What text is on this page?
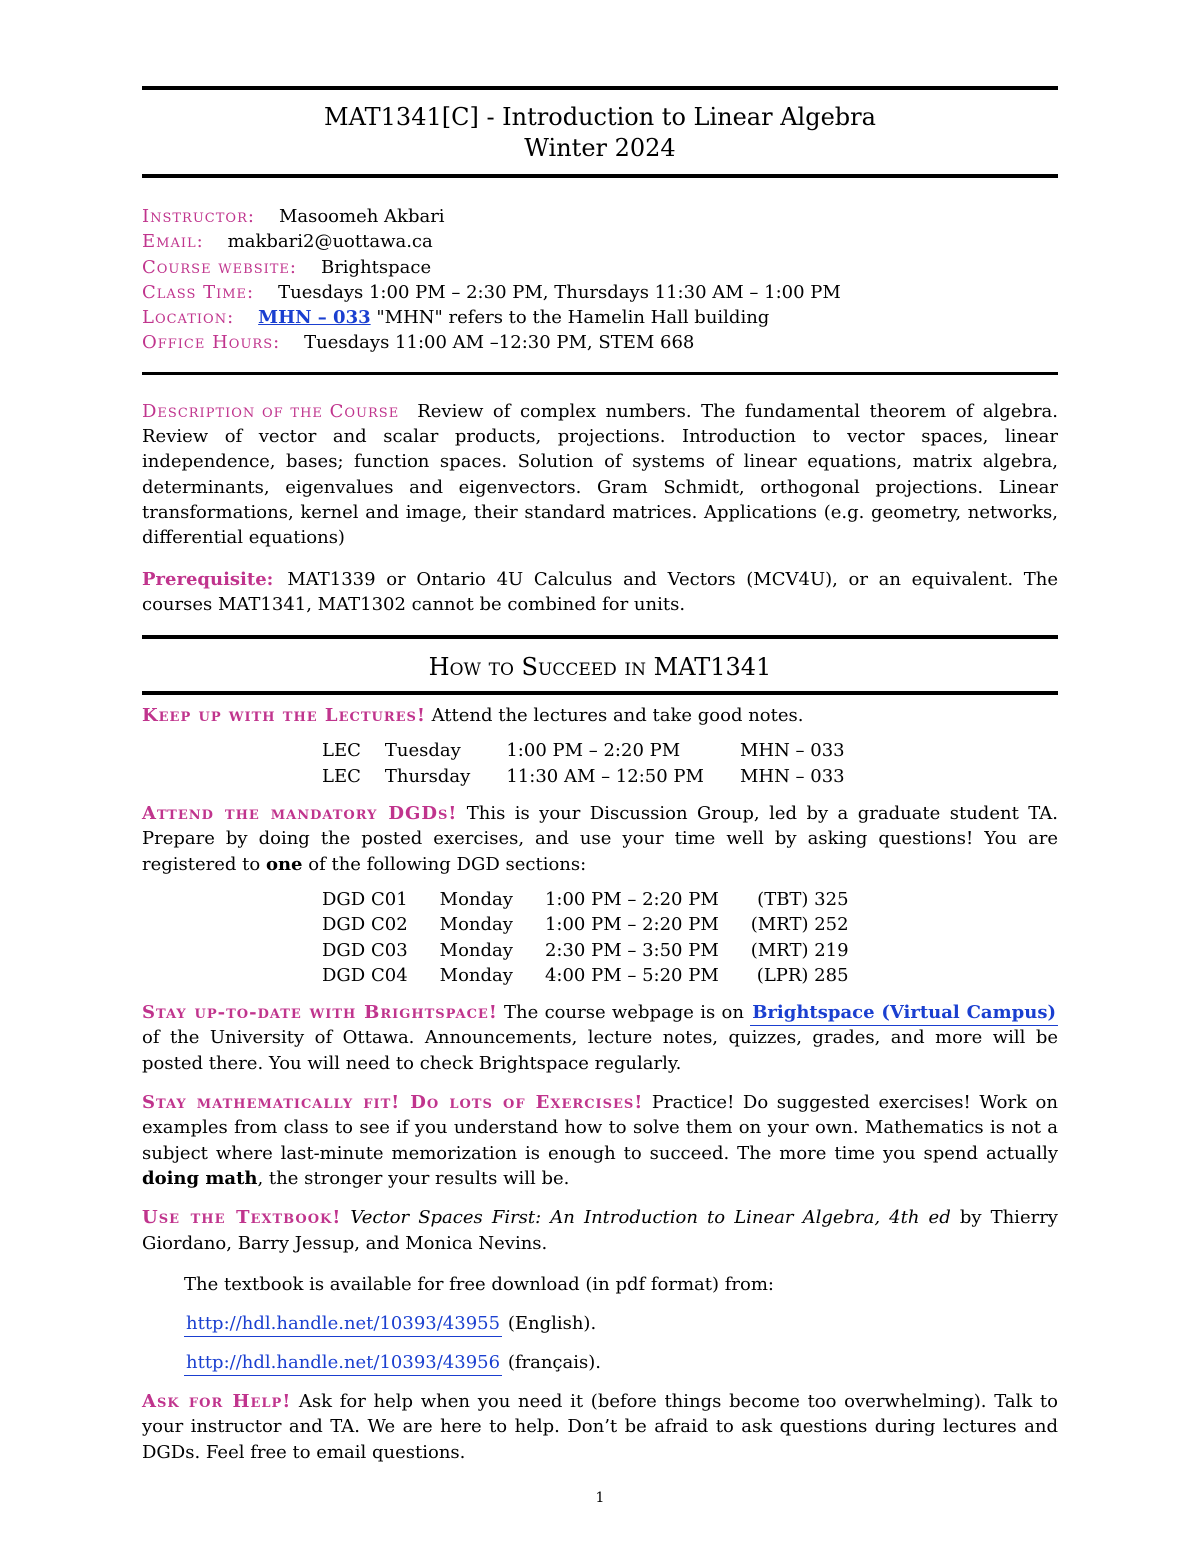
MAT1341[C] - Introduction to Linear Algebra
Winter 2024
Instructor: Masoomeh Akbari
Email: makbari2@uottawa.ca
Course website: Brightspace
Class Time: Tuesdays 1:00 PM – 2:30 PM, Thursdays 11:30 AM – 1:00 PM
Location: MHN – 033 "MHN" refers to the Hamelin Hall building
Office Hours: Tuesdays 11:00 AM –12:30 PM, STEM 668

Description of the Course Review of complex numbers. The fundamental theorem of algebra. Review of vector and scalar products, projections. Introduction to vector spaces, linear independence, bases; function spaces. Solution of systems of linear equations, matrix algebra, determinants, eigenvalues and eigenvectors. Gram Schmidt, orthogonal projections. Linear transformations, kernel and image, their standard matrices. Applications (e.g. geometry, networks, differential equations)

Prerequisite: MAT1339 or Ontario 4U Calculus and Vectors (MCV4U), or an equivalent. The courses MAT1341, MAT1302 cannot be combined for units.

How to Succeed in MAT1341

Keep up with the Lectures! Attend the lectures and take good notes.

LEC	Tuesday	1:00 PM – 2:20 PM	MHN – 033
LEC	Thursday	11:30 AM – 12:50 PM	MHN – 033

Attend the mandatory DGDs! This is your Discussion Group, led by a graduate student TA. Prepare by doing the posted exercises, and use your time well by asking questions! You are registered to one of the following DGD sections:

DGD C01	Monday	1:00 PM – 2:20 PM	(TBT) 325
DGD C02	Monday	1:00 PM – 2:20 PM	(MRT) 252
DGD C03	Monday	2:30 PM – 3:50 PM	(MRT) 219
DGD C04	Monday	4:00 PM – 5:20 PM	(LPR) 285

Stay up-to-date with Brightspace! The course webpage is on Brightspace (Virtual Campus) of the University of Ottawa. Announcements, lecture notes, quizzes, grades, and more will be posted there. You will need to check Brightspace regularly.

Stay mathematically fit! Do lots of Exercises! Practice! Do suggested exercises! Work on examples from class to see if you understand how to solve them on your own. Mathematics is not a subject where last-minute memorization is enough to succeed. The more time you spend actually doing math, the stronger your results will be.

Use the Textbook! Vector Spaces First: An Introduction to Linear Algebra, 4th ed by Thierry Giordano, Barry Jessup, and Monica Nevins.

The textbook is available for free download (in pdf format) from:

http://hdl.handle.net/10393/43955 (English).
http://hdl.handle.net/10393/43956 (français).

Ask for Help! Ask for help when you need it (before things become too overwhelming). Talk to your instructor and TA. We are here to help. Don’t be afraid to ask questions during lectures and DGDs. Feel free to email questions.

1
